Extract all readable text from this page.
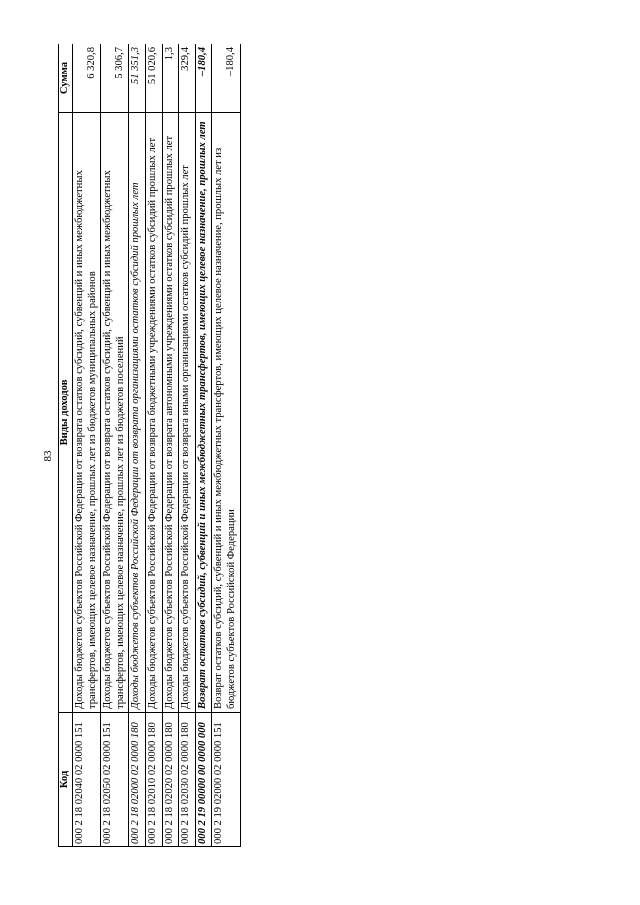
83
Код	Виды доходов	Сумма
000 2 18 02040 02 0000 151	Доходы бюджетов субъектов Российской Федерации от возврата остатков субсидий, субвенций и иных межбюджетных трансфертов, имеющих целевое назначение, прошлых лет из бюджетов муниципальных районов	6 320,8
000 2 18 02050 02 0000 151	Доходы бюджетов субъектов Российской Федерации от возврата остатков субсидий, субвенций и иных межбюджетных трансфертов, имеющих целевое назначение, прошлых лет из бюджетов поселений	5 306,7
000 2 18 02000 02 0000 180	Доходы бюджетов субъектов Российской Федерации от возврата организациями остатков субсидий прошлых лет	51 351,3
000 2 18 02010 02 0000 180	Доходы бюджетов субъектов Российской Федерации от возврата бюджетными учреждениями остатков субсидий прошлых лет	51 020,6
000 2 18 02020 02 0000 180	Доходы бюджетов субъектов Российской Федерации от возврата автономными учреждениями остатков субсидий прошлых лет	1,3
000 2 18 02030 02 0000 180	Доходы бюджетов субъектов Российской Федерации от возврата иными организациями остатков субсидий прошлых лет	329,4
000 2 19 00000 00 0000 000	Возврат остатков субсидий, субвенций и иных межбюджетных трансфертов, имеющих целевое назначение, прошлых лет	–180,4
000 2 19 02000 02 0000 151	Возврат остатков субсидий, субвенций и иных межбюджетных трансфертов, имеющих целевое назначение, прошлых лет из бюджетов субъектов Российской Федерации	–180,4
